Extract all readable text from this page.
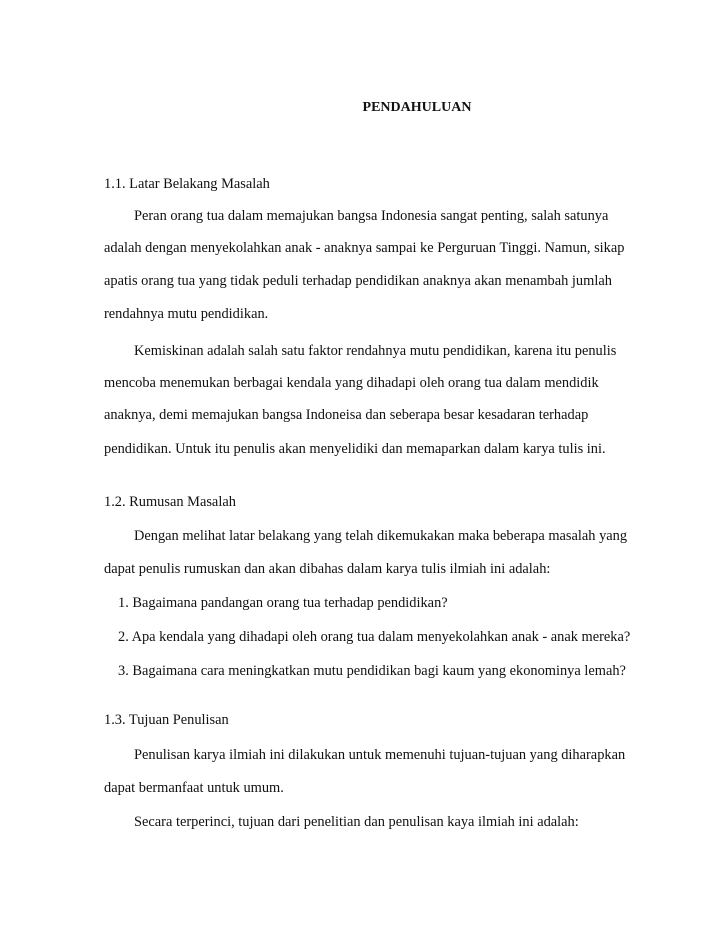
PENDAHULUAN
1.1. Latar Belakang Masalah
Peran orang tua dalam memajukan bangsa Indonesia sangat penting, salah satunya
adalah dengan menyekolahkan anak - anaknya sampai ke Perguruan Tinggi. Namun, sikap
apatis orang tua yang tidak peduli terhadap pendidikan anaknya akan menambah jumlah
rendahnya mutu pendidikan.
Kemiskinan adalah salah satu faktor rendahnya mutu pendidikan, karena itu penulis
mencoba menemukan berbagai kendala yang dihadapi oleh orang tua dalam mendidik
anaknya, demi memajukan bangsa Indoneisa dan seberapa besar kesadaran terhadap
pendidikan. Untuk itu penulis akan menyelidiki dan memaparkan dalam karya tulis ini.
1.2. Rumusan Masalah
Dengan melihat latar belakang yang telah dikemukakan maka beberapa masalah yang
dapat penulis rumuskan dan akan dibahas dalam karya tulis ilmiah ini adalah:
1. Bagaimana pandangan orang tua terhadap pendidikan?
2. Apa kendala yang dihadapi oleh orang tua dalam menyekolahkan anak - anak mereka?
3. Bagaimana cara meningkatkan mutu pendidikan bagi kaum yang ekonominya lemah?
1.3. Tujuan Penulisan
Penulisan karya ilmiah ini dilakukan untuk memenuhi tujuan-tujuan yang diharapkan
dapat bermanfaat untuk umum.
Secara terperinci, tujuan dari penelitian dan penulisan kaya ilmiah ini adalah:
